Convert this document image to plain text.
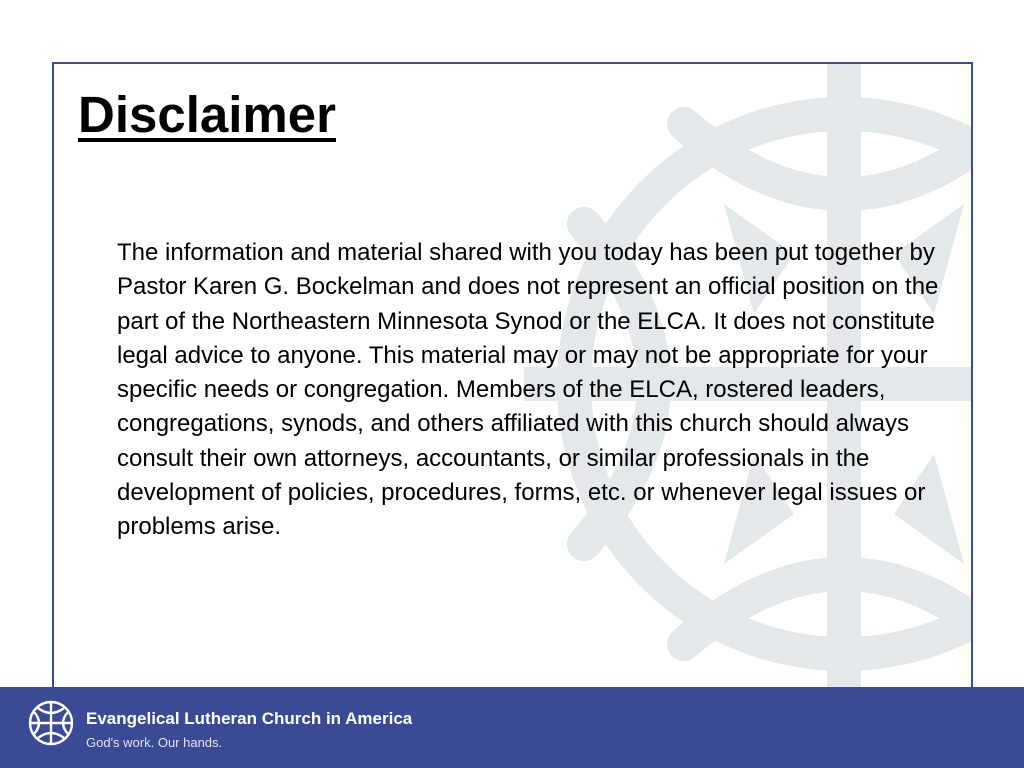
Disclaimer

The information and material shared with you today has been put together by Pastor Karen G. Bockelman and does not represent an official position on the part of the Northeastern Minnesota Synod or the ELCA. It does not constitute legal advice to anyone. This material may or may not be appropriate for your specific needs or congregation. Members of the ELCA, rostered leaders, congregations, synods, and others affiliated with this church should always consult their own attorneys, accountants, or similar professionals in the development of policies, procedures, forms, etc. or whenever legal issues or problems arise.

Evangelical Lutheran Church in America
God's work. Our hands.
